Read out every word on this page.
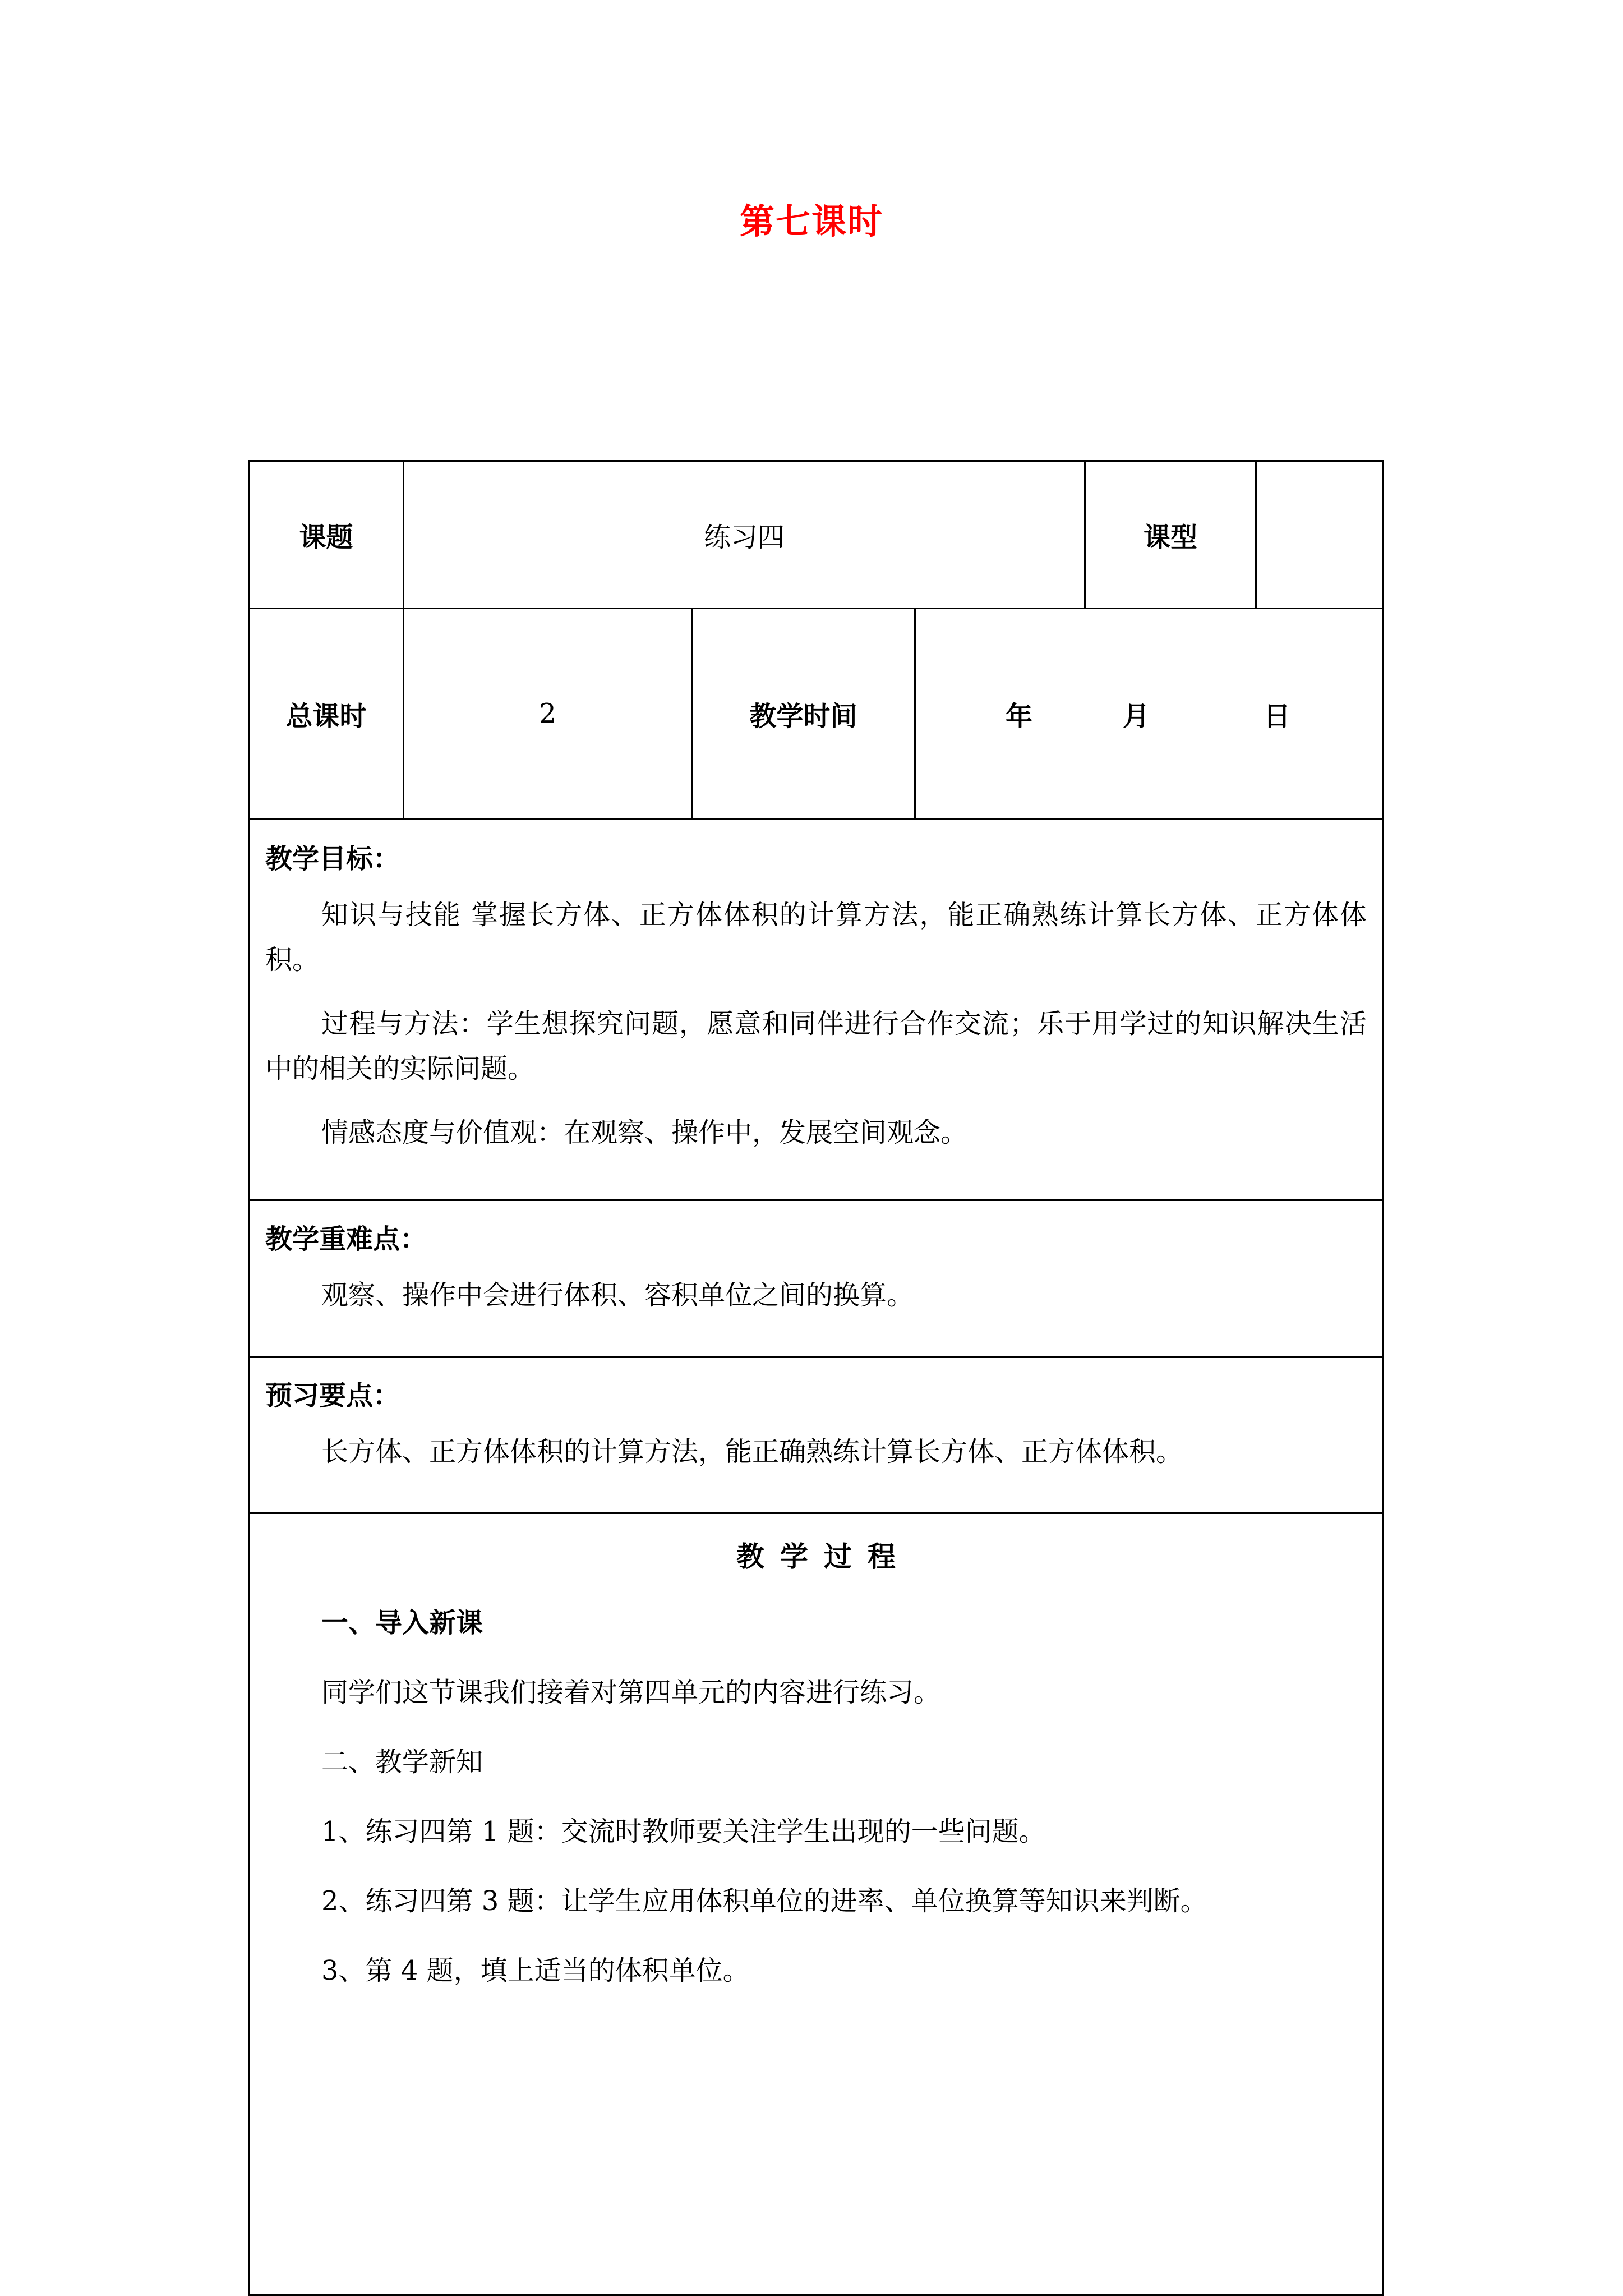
第七课时
课题	练习四	课型
总课时	2	教学时间	年	月	日
教学目标：

知识与技能 掌握长方体、正方体体积的计算方法，能正确熟练计算长方体、正方体体积。

过程与方法：学生想探究问题，愿意和同伴进行合作交流；乐于用学过的知识解决生活中的相关的实际问题。

情感态度与价值观：在观察、操作中，发展空间观念。

教学重难点：

观察、操作中会进行体积、容积单位之间的换算。

预习要点：

长方体、正方体体积的计算方法，能正确熟练计算长方体、正方体体积。

教学过程
一、导入新课
同学们这节课我们接着对第四单元的内容进行练习。
二、教学新知
1、练习四第 1 题：交流时教师要关注学生出现的一些问题。
2、练习四第 3 题：让学生应用体积单位的进率、单位换算等知识来判断。
3、第 4 题，填上适当的体积单位。
